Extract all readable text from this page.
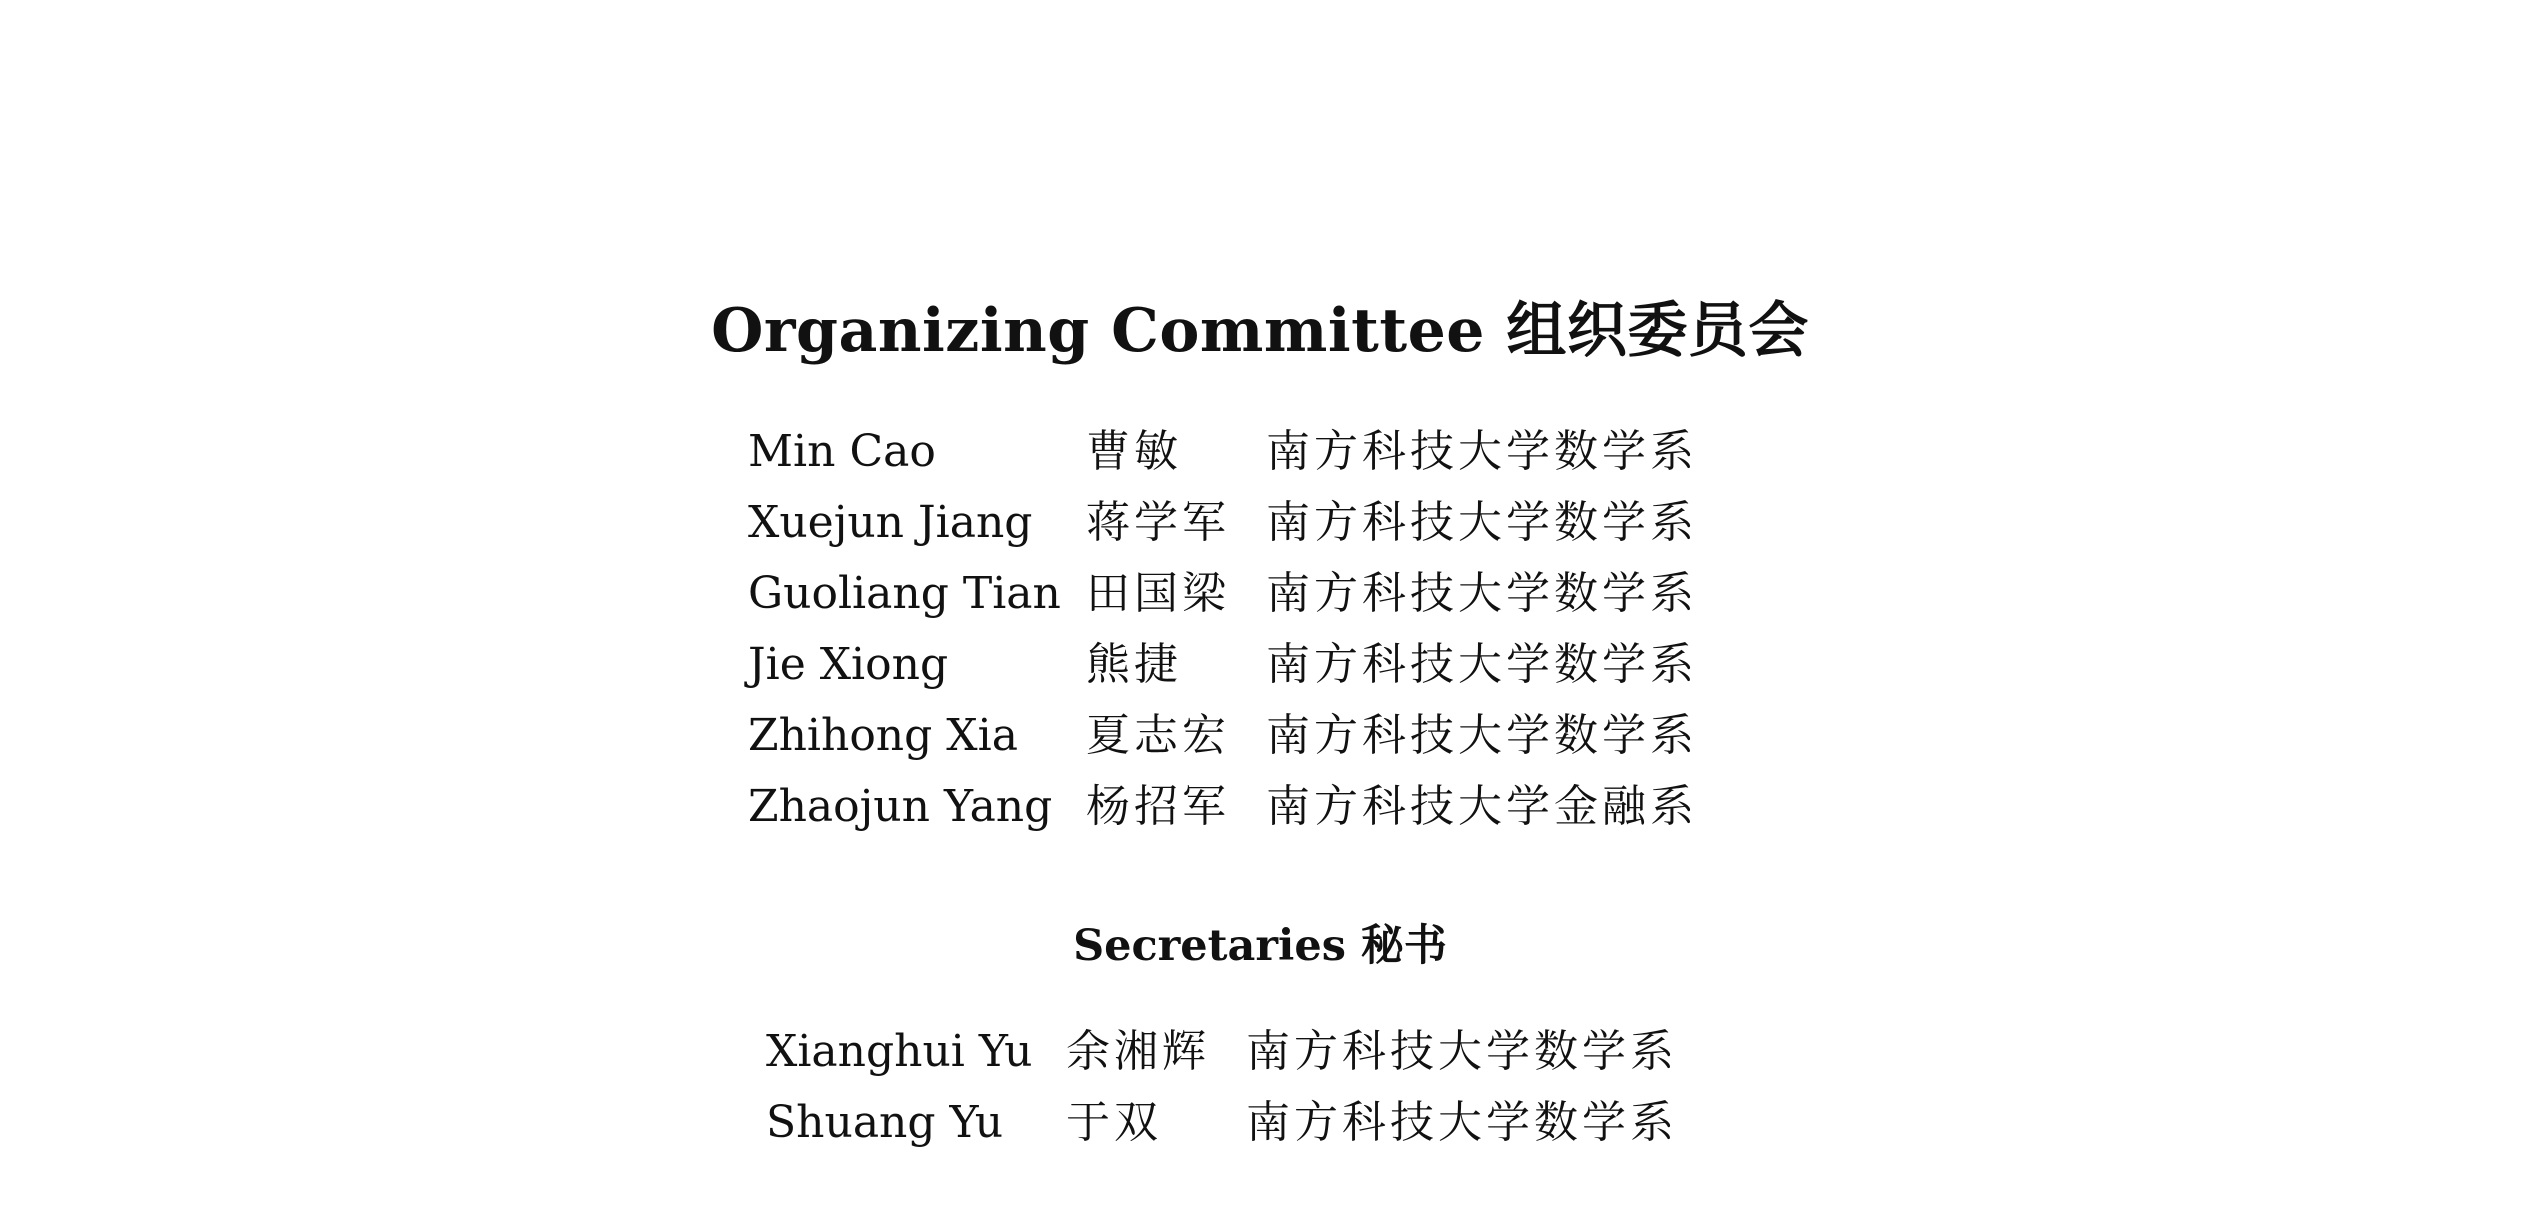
Organizing Committee 组织委员会
Min Cao	曹敏	南方科技大学数学系
Xuejun Jiang	蒋学军	南方科技大学数学系
Guoliang Tian	田国梁	南方科技大学数学系
Jie Xiong	熊捷	南方科技大学数学系
Zhihong Xia	夏志宏	南方科技大学数学系
Zhaojun Yang	杨招军	南方科技大学金融系
Secretaries 秘书
Xianghui Yu	余湘辉	南方科技大学数学系
Shuang Yu	于双	南方科技大学数学系
